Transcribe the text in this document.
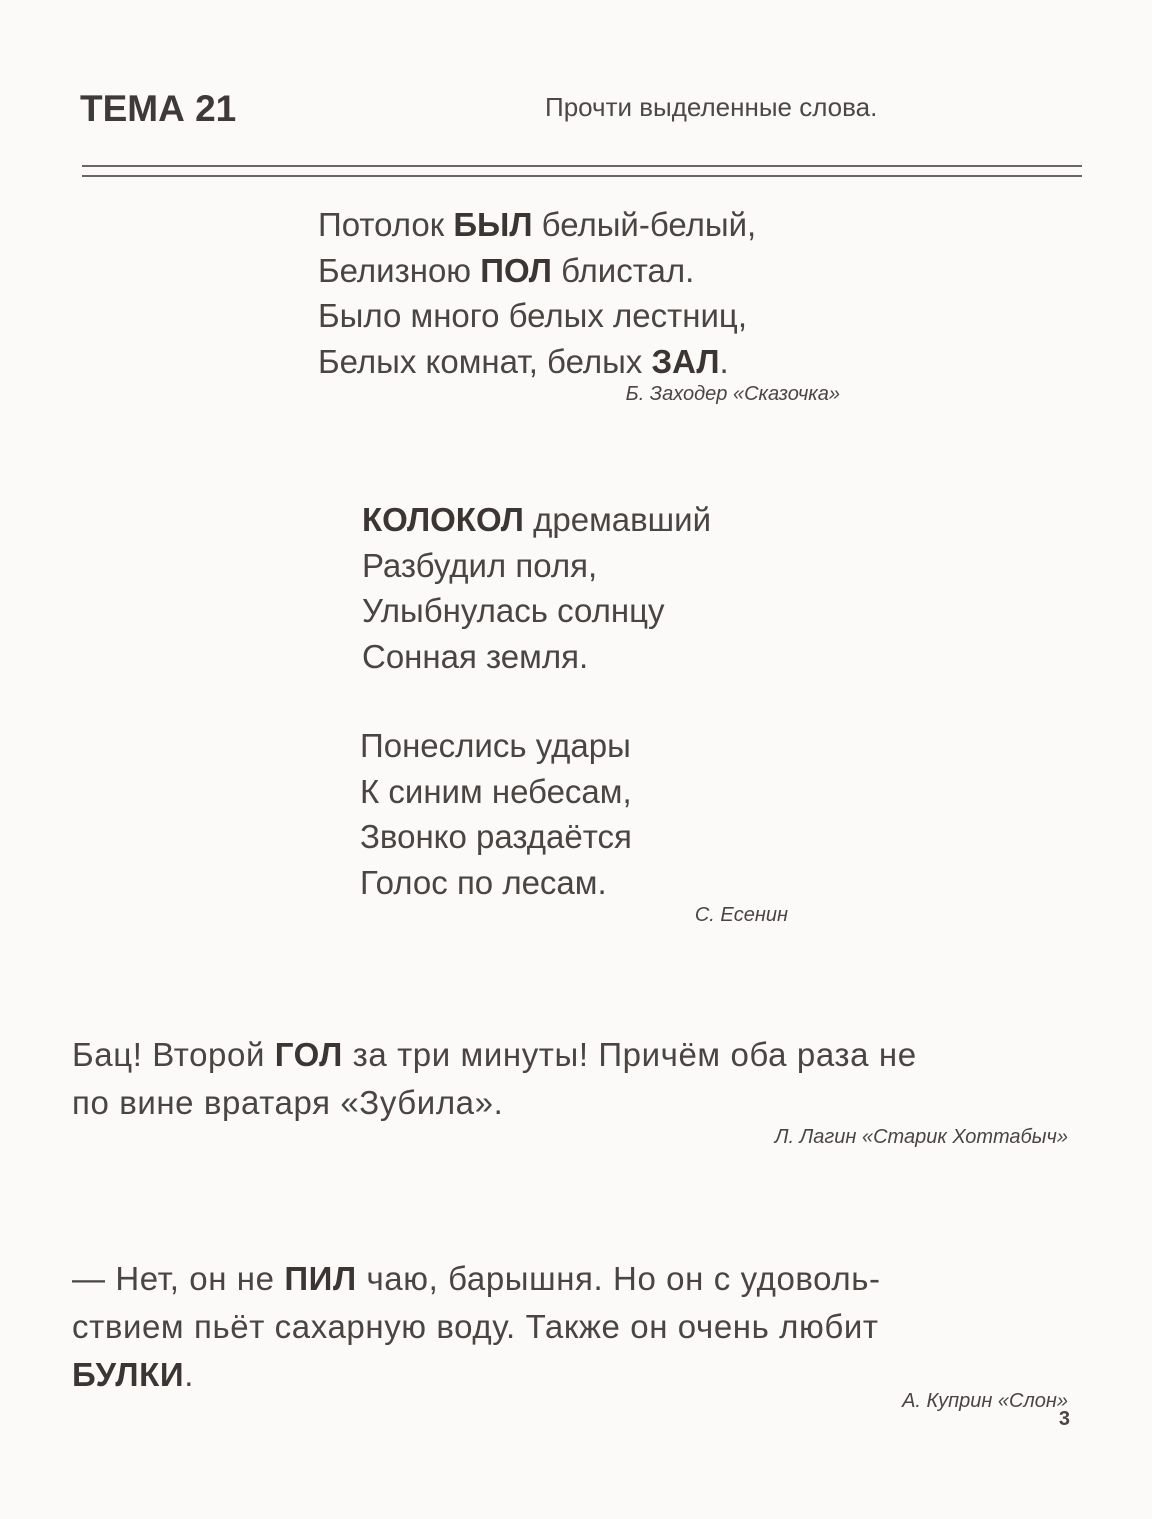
ТЕМА 21	Прочти выделенные слова.
Потолок БЫЛ белый-белый,
Белизною ПОЛ блистал.
Было много белых лестниц,
Белых комнат, белых ЗАЛ.
Б. Заходер «Сказочка»
КОЛОКОЛ дремавший
Разбудил поля,
Улыбнулась солнцу
Сонная земля.
Понеслись удары
К синим небесам,
Звонко раздаётся
Голос по лесам.
С. Есенин
Бац! Второй ГОЛ за три минуты! Причём оба раза не
по вине вратаря «Зубила».
Л. Лагин «Старик Хоттабыч»
— Нет, он не ПИЛ чаю, барышня. Но он с удоволь-
ствием пьёт сахарную воду. Также он очень любит
БУЛКИ.
А. Куприн «Слон»
3
